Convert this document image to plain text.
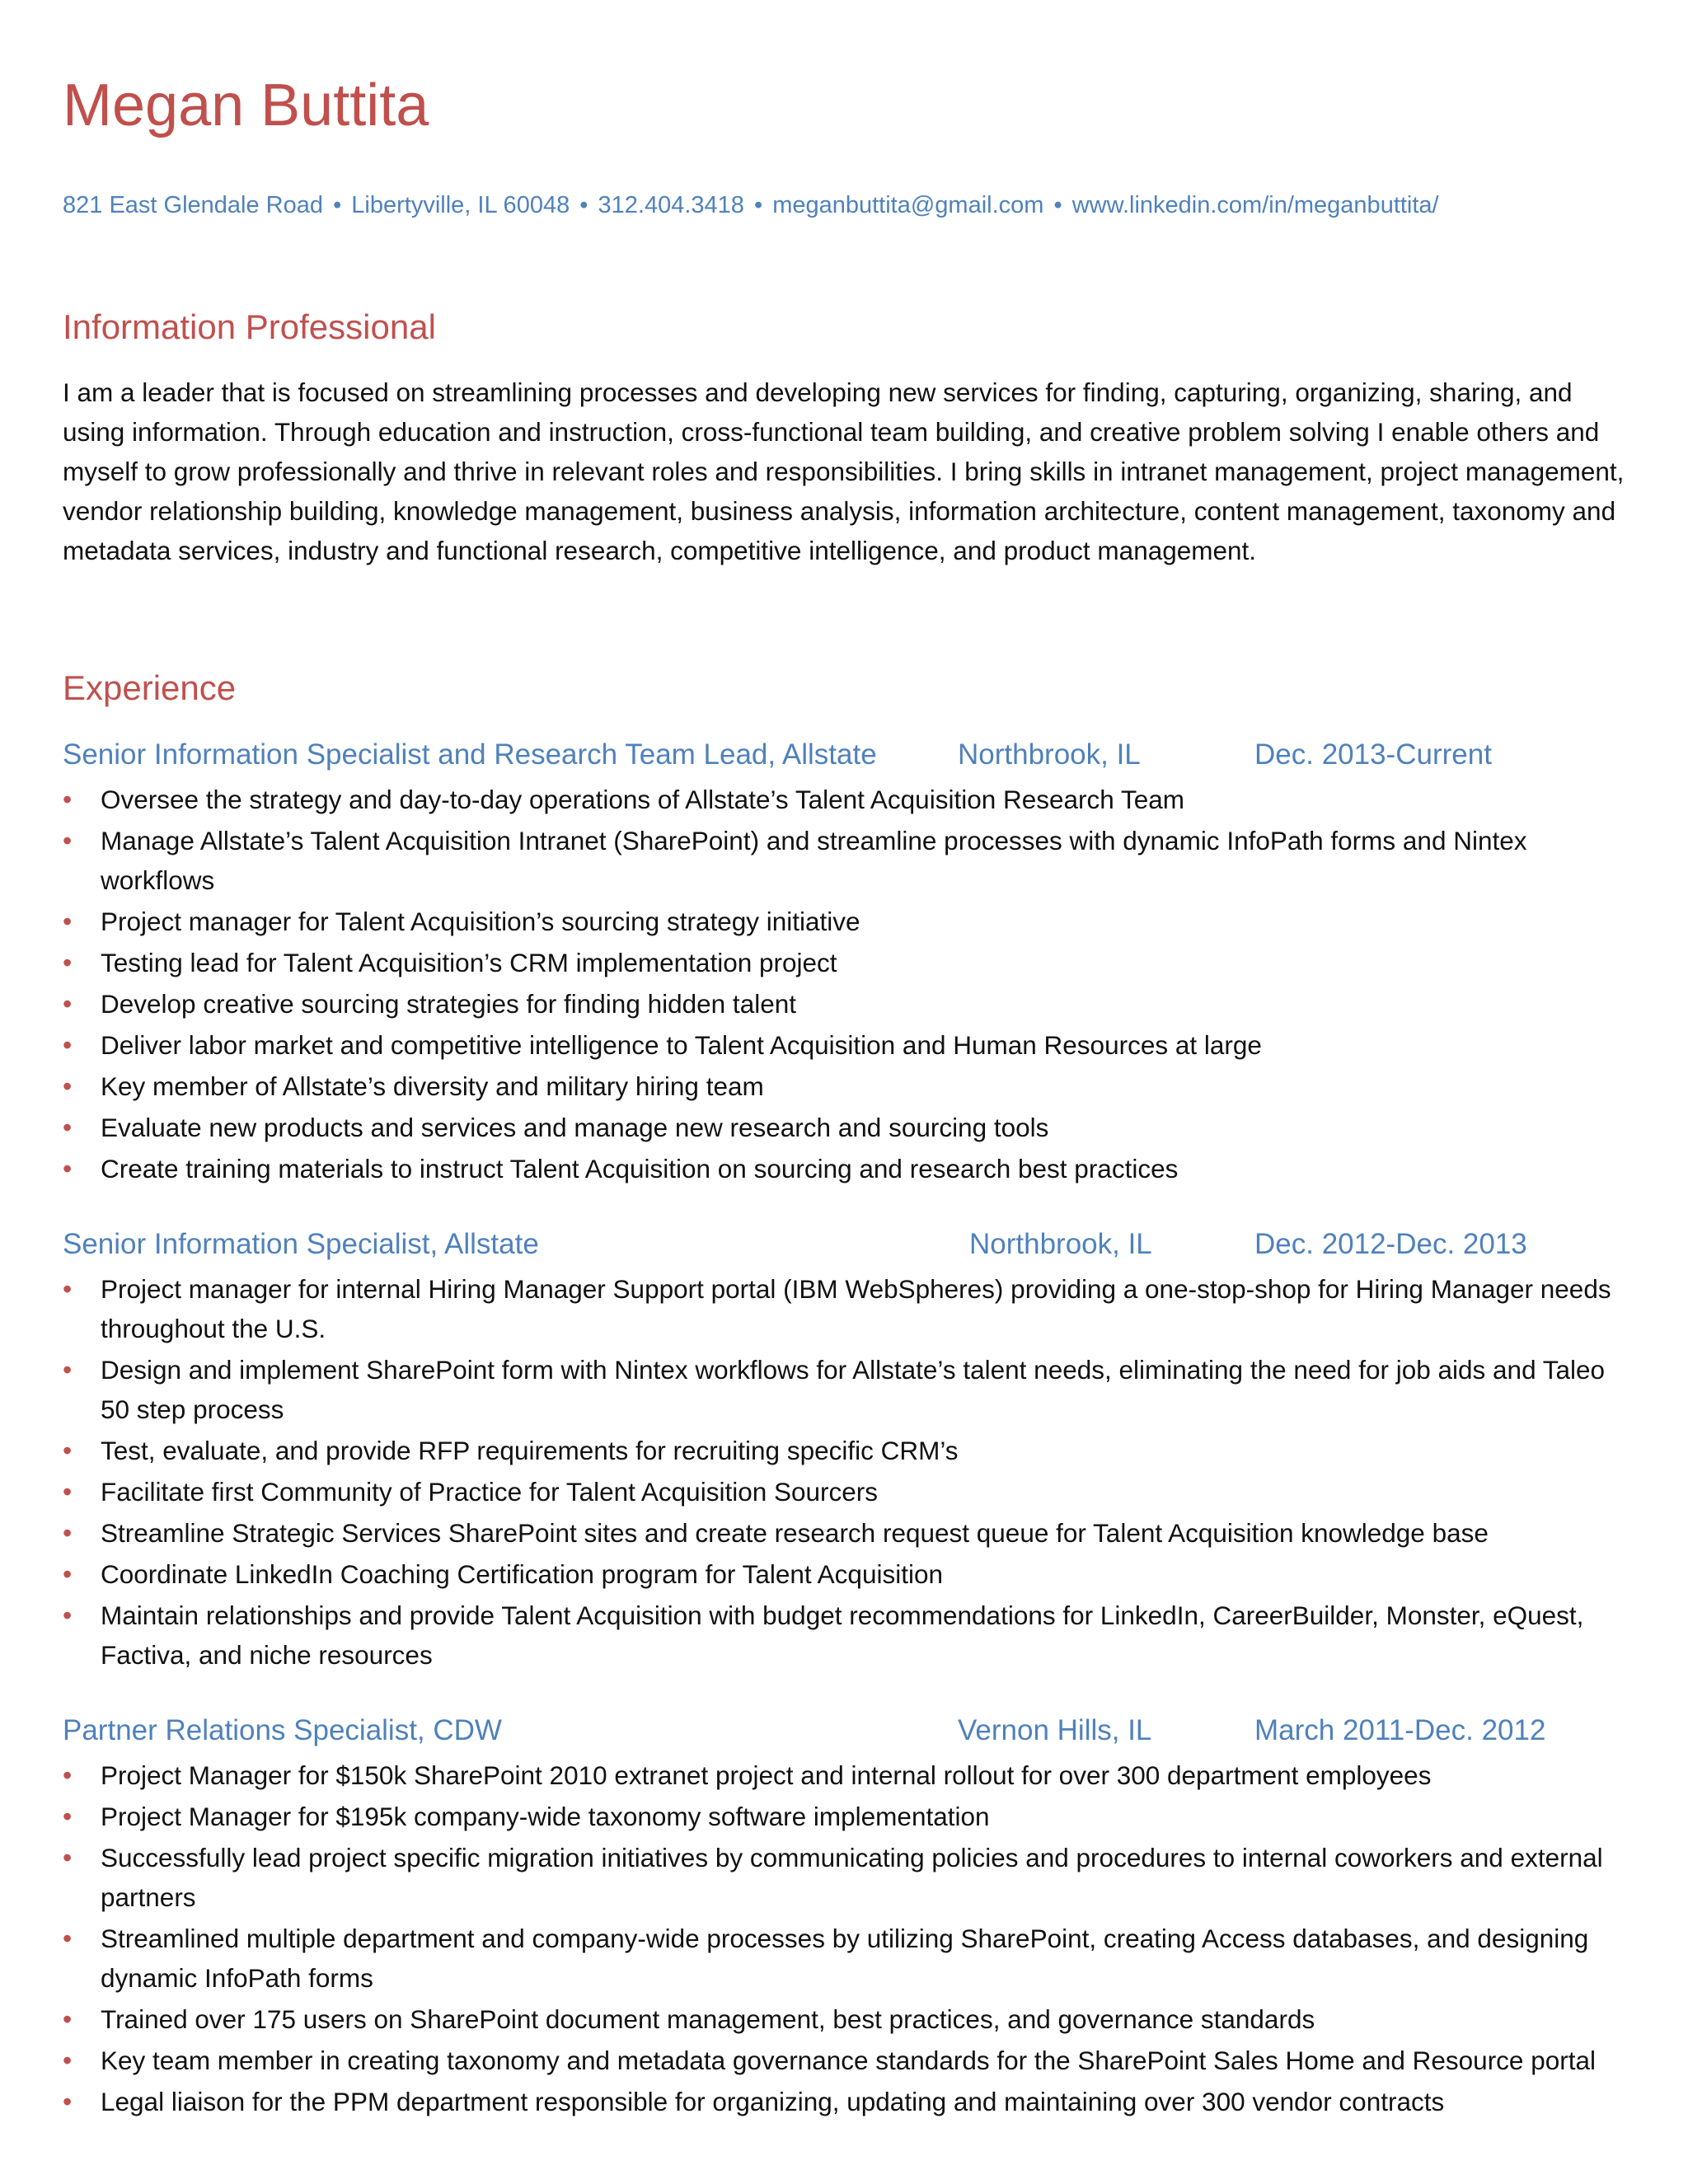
Megan Buttita

821 East Glendale Road • Libertyville, IL 60048 • 312.404.3418 • meganbuttita@gmail.com • www.linkedin.com/in/meganbuttita/

Information Professional

I am a leader that is focused on streamlining processes and developing new services for finding, capturing, organizing, sharing, and using information. Through education and instruction, cross-functional team building, and creative problem solving I enable others and myself to grow professionally and thrive in relevant roles and responsibilities. I bring skills in intranet management, project management, vendor relationship building, knowledge management, business analysis, information architecture, content management, taxonomy and metadata services, industry and functional research, competitive intelligence, and product management.

Experience
Senior Information Specialist and Research Team Lead, Allstate	Northbrook, IL	Dec. 2013-Current
• Oversee the strategy and day-to-day operations of Allstate’s Talent Acquisition Research Team
• Manage Allstate’s Talent Acquisition Intranet (SharePoint) and streamline processes with dynamic InfoPath forms and Nintex workflows
• Project manager for Talent Acquisition’s sourcing strategy initiative
• Testing lead for Talent Acquisition’s CRM implementation project
• Develop creative sourcing strategies for finding hidden talent
• Deliver labor market and competitive intelligence to Talent Acquisition and Human Resources at large
• Key member of Allstate’s diversity and military hiring team
• Evaluate new products and services and manage new research and sourcing tools
• Create training materials to instruct Talent Acquisition on sourcing and research best practices
Senior Information Specialist, Allstate	Northbrook, IL	Dec. 2012-Dec. 2013
• Project manager for internal Hiring Manager Support portal (IBM WebSpheres) providing a one-stop-shop for Hiring Manager needs throughout the U.S.
• Design and implement SharePoint form with Nintex workflows for Allstate’s talent needs, eliminating the need for job aids and Taleo 50 step process
• Test, evaluate, and provide RFP requirements for recruiting specific CRM’s
• Facilitate first Community of Practice for Talent Acquisition Sourcers
• Streamline Strategic Services SharePoint sites and create research request queue for Talent Acquisition knowledge base
• Coordinate LinkedIn Coaching Certification program for Talent Acquisition
• Maintain relationships and provide Talent Acquisition with budget recommendations for LinkedIn, CareerBuilder, Monster, eQuest, Factiva, and niche resources
Partner Relations Specialist, CDW	Vernon Hills, IL	March 2011-Dec. 2012
• Project Manager for $150k SharePoint 2010 extranet project and internal rollout for over 300 department employees
• Project Manager for $195k company-wide taxonomy software implementation
• Successfully lead project specific migration initiatives by communicating policies and procedures to internal coworkers and external partners
• Streamlined multiple department and company-wide processes by utilizing SharePoint, creating Access databases, and designing dynamic InfoPath forms
• Trained over 175 users on SharePoint document management, best practices, and governance standards
• Key team member in creating taxonomy and metadata governance standards for the SharePoint Sales Home and Resource portal
• Legal liaison for the PPM department responsible for organizing, updating and maintaining over 300 vendor contracts
